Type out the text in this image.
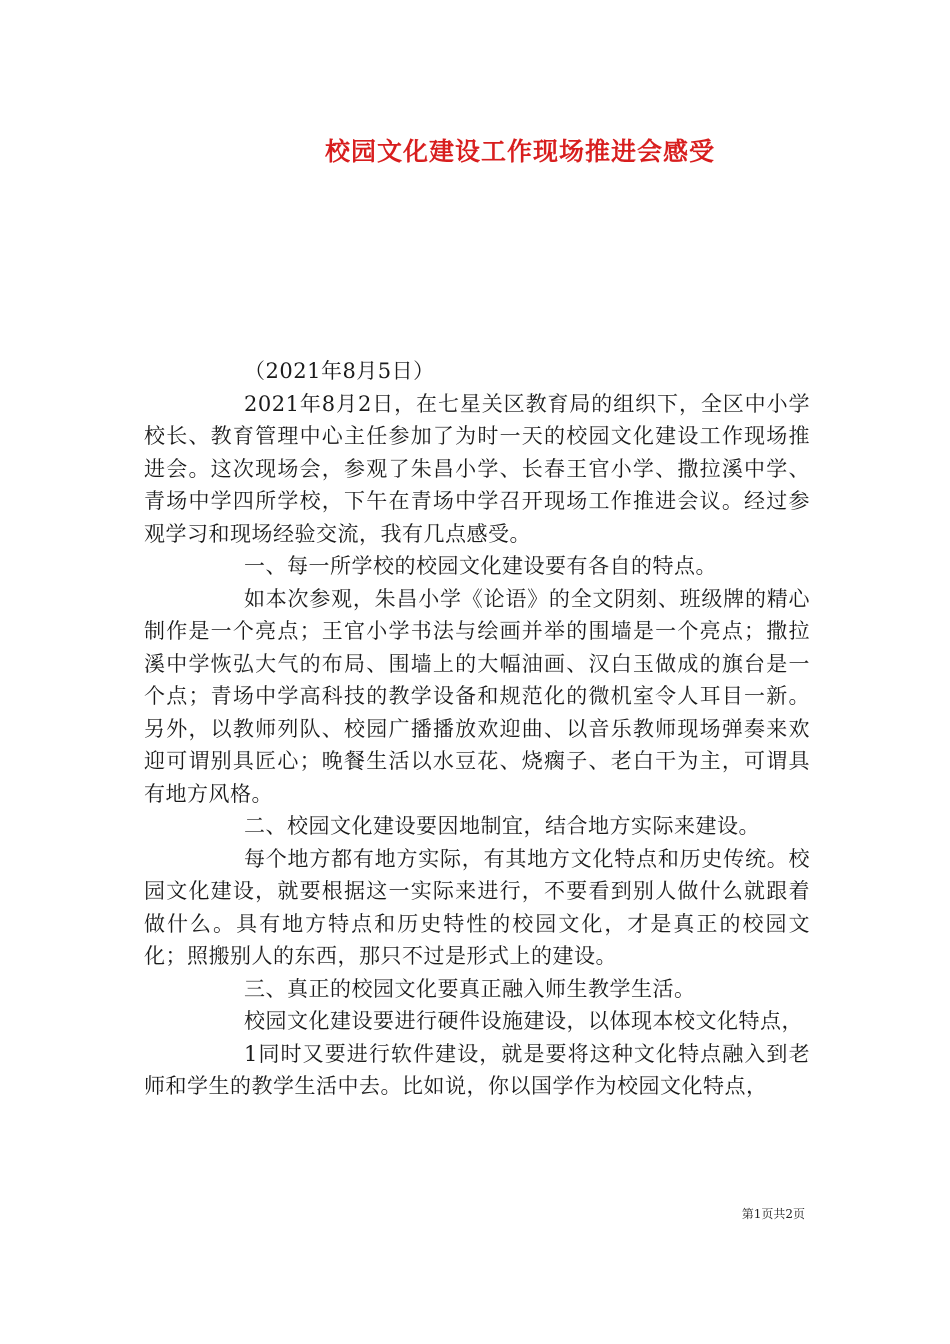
校园文化建设工作现场推进会感受

（2021年8月5日）

2021年8月2日，在七星关区教育局的组织下，全区中小学校长、教育管理中心主任参加了为时一天的校园文化建设工作现场推进会。这次现场会，参观了朱昌小学、长春王官小学、撒拉溪中学、青场中学四所学校，下午在青场中学召开现场工作推进会议。经过参观学习和现场经验交流，我有几点感受。

一、每一所学校的校园文化建设要有各自的特点。

如本次参观，朱昌小学《论语》的全文阴刻、班级牌的精心制作是一个亮点；王官小学书法与绘画并举的围墙是一个亮点；撒拉溪中学恢弘大气的布局、围墙上的大幅油画、汉白玉做成的旗台是一个点；青场中学高科技的教学设备和规范化的微机室令人耳目一新。另外，以教师列队、校园广播播放欢迎曲、以音乐教师现场弹奏来欢迎可谓别具匠心；晚餐生活以水豆花、烧瘸子、老白干为主，可谓具有地方风格。

二、校园文化建设要因地制宜，结合地方实际来建设。

每个地方都有地方实际，有其地方文化特点和历史传统。校园文化建设，就要根据这一实际来进行，不要看到别人做什么就跟着做什么。具有地方特点和历史特性的校园文化，才是真正的校园文化；照搬别人的东西，那只不过是形式上的建设。

三、真正的校园文化要真正融入师生教学生活。

校园文化建设要进行硬件设施建设，以体现本校文化特点，

1同时又要进行软件建设，就是要将这种文化特点融入到老师和学生的教学生活中去。比如说，你以国学作为校园文化特点，

第1页共2页
